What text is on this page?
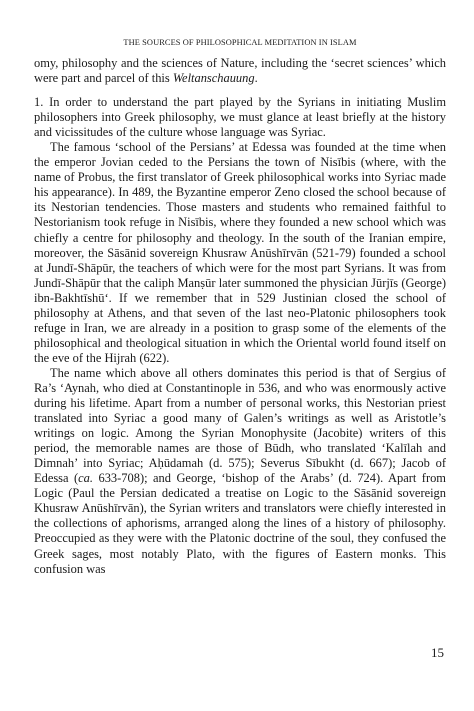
THE SOURCES OF PHILOSOPHICAL MEDITATION IN ISLAM

omy, philosophy and the sciences of Nature, including the ‘secret sciences’ which were part and parcel of this Weltanschauung.

1. In order to understand the part played by the Syrians in initiating Muslim philosophers into Greek philosophy, we must glance at least briefly at the history and vicissitudes of the culture whose language was Syriac.

The famous ‘school of the Persians’ at Edessa was founded at the time when the emperor Jovian ceded to the Persians the town of Nisībis (where, with the name of Probus, the first translator of Greek philosophical works into Syriac made his appearance). In 489, the Byzantine emperor Zeno closed the school because of its Nestorian tendencies. Those masters and students who remained faithful to Nestorianism took refuge in Nisībis, where they founded a new school which was chiefly a centre for philosophy and theology. In the south of the Iranian empire, moreover, the Sāsānid sovereign Khusraw Anūshīrvān (521-79) founded a school at Jundī-Shāpūr, the teachers of which were for the most part Syrians. It was from Jundī-Shāpūr that the caliph Manṣūr later summoned the physician Jūrjīs (George) ibn-Bakhtīshū‘. If we remember that in 529 Justinian closed the school of philosophy at Athens, and that seven of the last neo-Platonic philosophers took refuge in Iran, we are already in a position to grasp some of the elements of the philosophical and theological situation in which the Oriental world found itself on the eve of the Hijrah (622).

The name which above all others dominates this period is that of Sergius of Ra’s ‘Aynah, who died at Constantinople in 536, and who was enormously active during his lifetime. Apart from a number of personal works, this Nestorian priest translated into Syriac a good many of Galen’s writings as well as Aristotle’s writings on logic. Among the Syrian Monophysite (Jacobite) writers of this period, the memorable names are those of Būdh, who translated ‘Kalīlah and Dimnah’ into Syriac; Aḥūdamah (d. 575); Severus Sībukht (d. 667); Jacob of Edessa (ca. 633-708); and George, ‘bishop of the Arabs’ (d. 724). Apart from Logic (Paul the Persian dedicated a treatise on Logic to the Sāsānid sovereign Khusraw Anūshīrvān), the Syrian writers and translators were chiefly interested in the collections of aphorisms, arranged along the lines of a history of philosophy. Preoccupied as they were with the Platonic doctrine of the soul, they confused the Greek sages, most notably Plato, with the figures of Eastern monks. This confusion was

15
